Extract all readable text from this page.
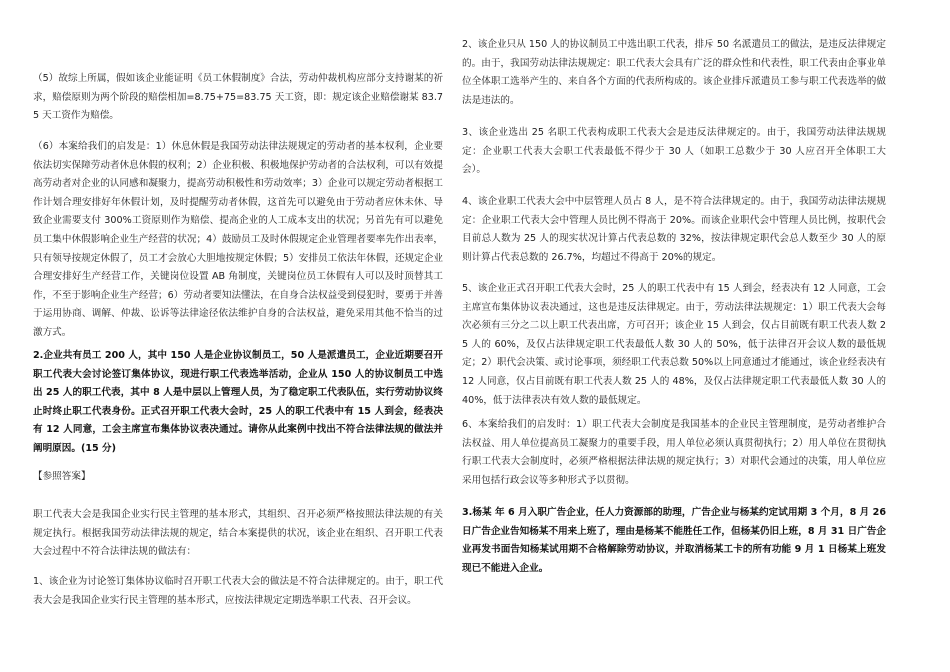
（5）故综上所属，假如该企业能证明《员工休假制度》合法，劳动仲裁机构应部分支持谢某的祈求，赔偿原则为两个阶段的赔偿相加=8.75+75=83.75 天工资，即：规定该企业赔偿谢某 83.75 天工资作为赔偿。

（6）本案给我们的启发是：1）休息休假是我国劳动法律法规规定的劳动者的基本权利，企业要依法切实保障劳动者休息休假的权利；2）企业积极、积极地保护劳动者的合法权利，可以有效提高劳动者对企业的认同感和凝聚力，提高劳动积极性和劳动效率；3）企业可以规定劳动者根据工作计划合理安排好年休假计划，及时提醒劳动者休假，这首先可以避免由于劳动者应休未休、导致企业需要支付 300%工资原则作为赔偿、提高企业的人工成本支出的状况；另首先有可以避免员工集中休假影响企业生产经营的状况；4）鼓励员工及时休假规定企业管理者要率先作出表率，只有领导按规定休假了，员工才会放心大胆地按规定休假；5）安排员工依法年休假，还规定企业合理安排好生产经营工作，关键岗位设置 AB 角制度，关键岗位员工休假有人可以及时顶替其工作，不至于影响企业生产经营；6）劳动者要知法懂法，在自身合法权益受到侵犯时，要勇于并善于运用协商、调解、仲裁、讼诉等法律途径依法维护自身的合法权益，避免采用其他不恰当的过激方式。

2.企业共有员工 200 人，其中 150 人是企业协议制员工，50 人是派遣员工，企业近期要召开职工代表大会讨论签订集体协议，现进行职工代表选举活动，企业从 150 人的协议制员工中选出 25 人的职工代表，其中 8 人是中层以上管理人员，为了稳定职工代表队伍，实行劳动协议终止时终止职工代表身份。正式召开职工代表大会时，25 人的职工代表中有 15 人到会，经表决有 12 人同意，工会主席宣布集体协议表决通过。请你从此案例中找出不符合法律法规的做法并阐明原因。(15 分)

【参照答案】

职工代表大会是我国企业实行民主管理的基本形式，其组织、召开必须严格按照法律法规的有关规定执行。根据我国劳动法律法规的规定，结合本案提供的状况，该企业在组织、召开职工代表大会过程中不符合法律法规的做法有：

1、该企业为讨论签订集体协议临时召开职工代表大会的做法是不符合法律规定的。由于，职工代表大会是我国企业实行民主管理的基本形式，应按法律规定定期选举职工代表、召开会议。

2、该企业只从 150 人的协议制员工中选出职工代表，排斥 50 名派遣员工的做法，是违反法律规定的。由于，我国劳动法律法规规定：职工代表大会具有广泛的群众性和代表性，职工代表由企事业单位全体职工选举产生的、来自各个方面的代表所构成的。该企业排斥派遣员工参与职工代表选举的做法是违法的。

3、该企业选出 25 名职工代表构成职工代表大会是违反法律规定的。由于，我国劳动法律法规规定：企业职工代表大会职工代表最低不得少于 30 人（如职工总数少于 30 人应召开全体职工大会）。

4、该企业职工代表大会中中层管理人员占 8 人，是不符合法律规定的。由于，我国劳动法律法规规定：企业职工代表大会中管理人员比例不得高于 20%。而该企业职代会中管理人员比例，按职代会目前总人数为 25 人的现实状况计算占代表总数的 32%，按法律规定职代会总人数至少 30 人的原则计算占代表总数的 26.7%，均超过不得高于 20%的规定。

5、该企业正式召开职工代表大会时，25 人的职工代表中有 15 人到会，经表决有 12 人同意，工会主席宣布集体协议表决通过，这也是违反法律规定。由于，劳动法律法规规定：1）职工代表大会每次必须有三分之二以上职工代表出席，方可召开；该企业 15 人到会，仅占目前既有职工代表人数 25 人的 60%，及仅占法律规定职工代表最低人数 30 人的 50%，低于法律召开会议人数的最低规定；2）职代会决策、或讨论事项，须经职工代表总数 50%以上同意通过才能通过，该企业经表决有 12 人同意，仅占目前既有职工代表人数 25 人的 48%，及仅占法律规定职工代表最低人数 30 人的 40%，低于法律表决有效人数的最低规定。

6、本案给我们的启发时：1）职工代表大会制度是我国基本的企业民主管理制度，是劳动者维护合法权益、用人单位提高员工凝聚力的重要手段，用人单位必须认真贯彻执行；2）用人单位在贯彻执行职工代表大会制度时，必须严格根据法律法规的规定执行；3）对职代会通过的决策，用人单位应采用包括行政会议等多种形式予以贯彻。

3.杨某 年 6 月入职广告企业，任人力资源部的助理，广告企业与杨某约定试用期 3 个月，8 月 26 日广告企业告知杨某不用来上班了，理由是杨某不能胜任工作，但杨某仍旧上班，8 月 31 日广告企业再发书面告知杨某试用期不合格解除劳动协议，并取消杨某工卡的所有功能 9 月 1 日杨某上班发现已不能进入企业。
